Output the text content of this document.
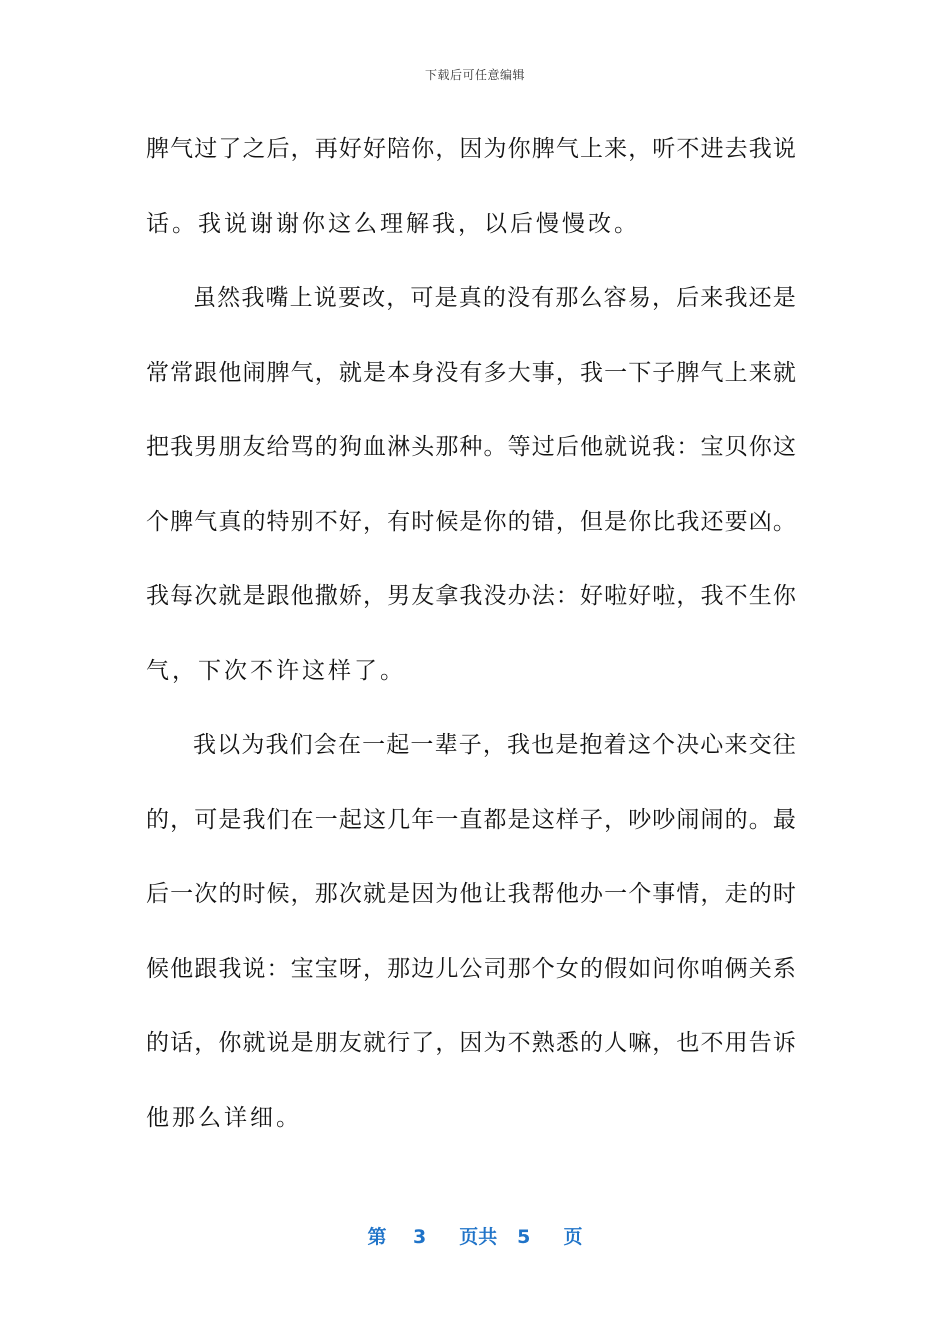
下载后可任意编辑
脾 气 过 了 之 后 ， 再 好 好 陪 你 ， 因 为 你 脾 气 上 来 ， 听 不 进 去 我 说
话。我说谢谢你这么理解我，以后慢慢改。
虽 然 我 嘴 上 说 要 改 ， 可 是 真 的 没 有 那 么 容 易 ， 后 来 我 还 是
常 常 跟 他 闹 脾 气 ， 就 是 本 身 没 有 多 大 事 ， 我 一 下 子 脾 气 上 来 就
把 我 男 朋 友 给 骂 的 狗 血 淋 头 那 种 。 等 过 后 他 就 说 我 ： 宝 贝 你 这
个 脾 气 真 的 特 别 不 好 ， 有 时 候 是 你 的 错 ， 但 是 你 比 我 还 要 凶 。
我 每 次 就 是 跟 他 撒 娇 ， 男 友 拿 我 没 办 法 ： 好 啦 好 啦 ， 我 不 生 你
气，下次不许这样了。
我 以 为 我 们 会 在 一 起 一 辈 子 ， 我 也 是 抱 着 这 个 决 心 来 交 往
的 ， 可 是 我 们 在 一 起 这 几 年 一 直 都 是 这 样 子 ， 吵 吵 闹 闹 的 。 最
后 一 次 的 时 候 ， 那 次 就 是 因 为 他 让 我 帮 他 办 一 个 事 情 ， 走 的 时
候 他 跟 我 说 ： 宝 宝 呀 ， 那 边 儿 公 司 那 个 女 的 假 如 问 你 咱 俩 关 系
的 话 ， 你 就 说 是 朋 友 就 行 了 ， 因 为 不 熟 悉 的 人 嘛 ， 也 不 用 告 诉
他那么详细。
第 3 页共 5 页
